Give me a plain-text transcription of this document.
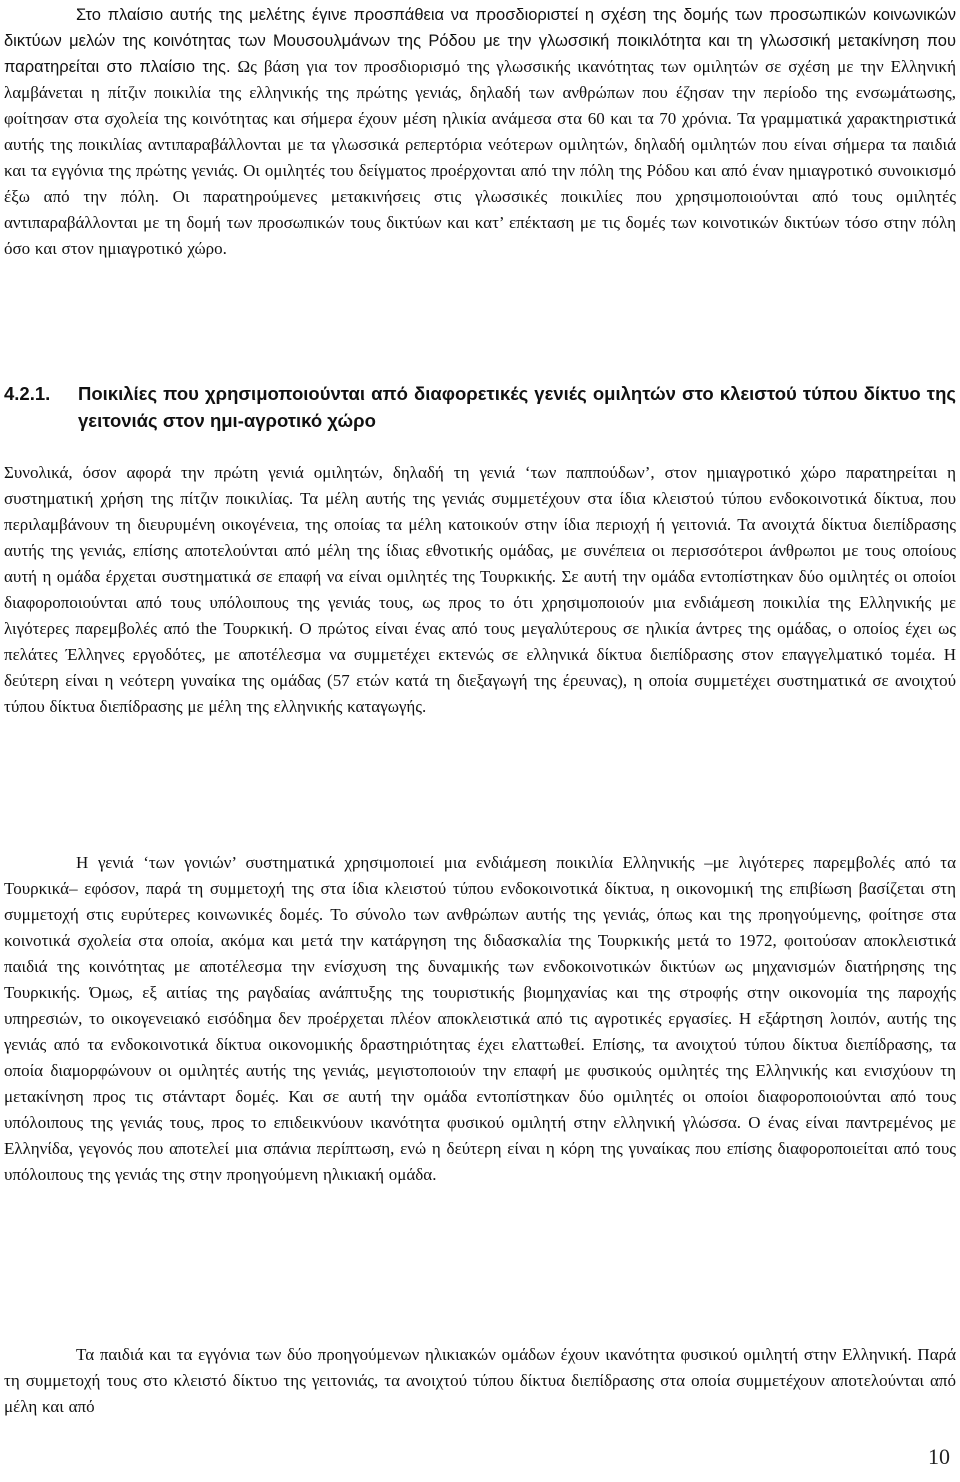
Στο πλαίσιο αυτής της μελέτης έγινε προσπάθεια να προσδιοριστεί η σχέση της δομής των προσωπικών κοινωνικών δικτύων μελών της κοινότητας των Μουσουλμάνων της Ρόδου με την γλωσσική ποικιλότητα και τη γλωσσική μετακίνηση που παρατηρείται στο πλαίσιο της. Ως βάση για τον προσδιορισμό της γλωσσικής ικανότητας των ομιλητών σε σχέση με την Ελληνική λαμβάνεται η πίτζιν ποικιλία της ελληνικής της πρώτης γενιάς, δηλαδή των ανθρώπων που έζησαν την περίοδο της ενσωμάτωσης, φοίτησαν στα σχολεία της κοινότητας και σήμερα έχουν μέση ηλικία ανάμεσα στα 60 και τα 70 χρόνια. Τα γραμματικά χαρακτηριστικά αυτής της ποικιλίας αντιπαραβάλλονται με τα γλωσσικά ρεπερτόρια νεότερων ομιλητών, δηλαδή ομιλητών που είναι σήμερα τα παιδιά και τα εγγόνια της πρώτης γενιάς. Οι ομιλητές του δείγματος προέρχονται από την πόλη της Ρόδου και από έναν ημιαγροτικό συνοικισμό έξω από την πόλη. Οι παρατηρούμενες μετακινήσεις στις γλωσσικές ποικιλίες που χρησιμοποιούνται από τους ομιλητές αντιπαραβάλλονται με τη δομή των προσωπικών τους δικτύων και κατ’ επέκταση με τις δομές των κοινοτικών δικτύων τόσο στην πόλη όσο και στον ημιαγροτικό χώρο.

4.2.1.	Ποικιλίες που χρησιμοποιούνται από διαφορετικές γενιές ομιλητών στο κλειστού τύπου δίκτυο της γειτονιάς στον ημι-αγροτικό χώρο

Συνολικά, όσον αφορά την πρώτη γενιά ομιλητών, δηλαδή τη γενιά ‘των παππούδων’, στον ημιαγροτικό χώρο παρατηρείται η συστηματική χρήση της πίτζιν ποικιλίας. Τα μέλη αυτής της γενιάς συμμετέχουν στα ίδια κλειστού τύπου ενδοκοινοτικά δίκτυα, που περιλαμβάνουν τη διευρυμένη οικογένεια, της οποίας τα μέλη κατοικούν στην ίδια περιοχή ή γειτονιά. Τα ανοιχτά δίκτυα διεπίδρασης αυτής της γενιάς, επίσης αποτελούνται από μέλη της ίδιας εθνοτικής ομάδας, με συνέπεια οι περισσότεροι άνθρωποι με τους οποίους αυτή η ομάδα έρχεται συστηματικά σε επαφή να είναι ομιλητές της Τουρκικής. Σε αυτή την ομάδα εντοπίστηκαν δύο ομιλητές οι οποίοι διαφοροποιούνται από τους υπόλοιπους της γενιάς τους, ως προς το ότι χρησιμοποιούν μια ενδιάμεση ποικιλία της Ελληνικής με λιγότερες παρεμβολές από the Τουρκική. Ο πρώτος είναι ένας από τους μεγαλύτερους σε ηλικία άντρες της ομάδας, ο οποίος έχει ως πελάτες Έλληνες εργοδότες, με αποτέλεσμα να συμμετέχει εκτενώς σε ελληνικά δίκτυα διεπίδρασης στον επαγγελματικό τομέα. Η δεύτερη είναι η νεότερη γυναίκα της ομάδας (57 ετών κατά τη διεξαγωγή της έρευνας), η οποία συμμετέχει συστηματικά σε ανοιχτού τύπου δίκτυα διεπίδρασης με μέλη της ελληνικής καταγωγής.

Η γενιά ‘των γονιών’ συστηματικά χρησιμοποιεί μια ενδιάμεση ποικιλία Ελληνικής –με λιγότερες παρεμβολές από τα Τουρκικά– εφόσον, παρά τη συμμετοχή της στα ίδια κλειστού τύπου ενδοκοινοτικά δίκτυα, η οικονομική της επιβίωση βασίζεται στη συμμετοχή στις ευρύτερες κοινωνικές δομές. Το σύνολο των ανθρώπων αυτής της γενιάς, όπως και της προηγούμενης, φοίτησε στα κοινοτικά σχολεία στα οποία, ακόμα και μετά την κατάργηση της διδασκαλία της Τουρκικής μετά το 1972, φοιτούσαν αποκλειστικά παιδιά της κοινότητας με αποτέλεσμα την ενίσχυση της δυναμικής των ενδοκοινοτικών δικτύων ως μηχανισμών διατήρησης της Τουρκικής. Όμως, εξ αιτίας της ραγδαίας ανάπτυξης της τουριστικής βιομηχανίας και της στροφής στην οικονομία της παροχής υπηρεσιών, το οικογενειακό εισόδημα δεν προέρχεται πλέον αποκλειστικά από τις αγροτικές εργασίες. Η εξάρτηση λοιπόν, αυτής της γενιάς από τα ενδοκοινοτικά δίκτυα οικονομικής δραστηριότητας έχει ελαττωθεί. Επίσης, τα ανοιχτού τύπου δίκτυα διεπίδρασης, τα οποία διαμορφώνουν οι ομιλητές αυτής της γενιάς, μεγιστοποιούν την επαφή με φυσικούς ομιλητές της Ελληνικής και ενισχύουν τη μετακίνηση προς τις στάνταρτ δομές. Και σε αυτή την ομάδα εντοπίστηκαν δύο ομιλητές οι οποίοι διαφοροποιούνται από τους υπόλοιπους της γενιάς τους, προς το επιδεικνύουν ικανότητα φυσικού ομιλητή στην ελληνική γλώσσα. Ο ένας είναι παντρεμένος με Ελληνίδα, γεγονός που αποτελεί μια σπάνια περίπτωση, ενώ η δεύτερη είναι η κόρη της γυναίκας που επίσης διαφοροποιείται από τους υπόλοιπους της γενιάς της στην προηγούμενη ηλικιακή ομάδα.

Τα παιδιά και τα εγγόνια των δύο προηγούμενων ηλικιακών ομάδων έχουν ικανότητα φυσικού ομιλητή στην Ελληνική. Παρά τη συμμετοχή τους στο κλειστό δίκτυο της γειτονιάς, τα ανοιχτού τύπου δίκτυα διεπίδρασης στα οποία συμμετέχουν αποτελούνται από μέλη και από

10
